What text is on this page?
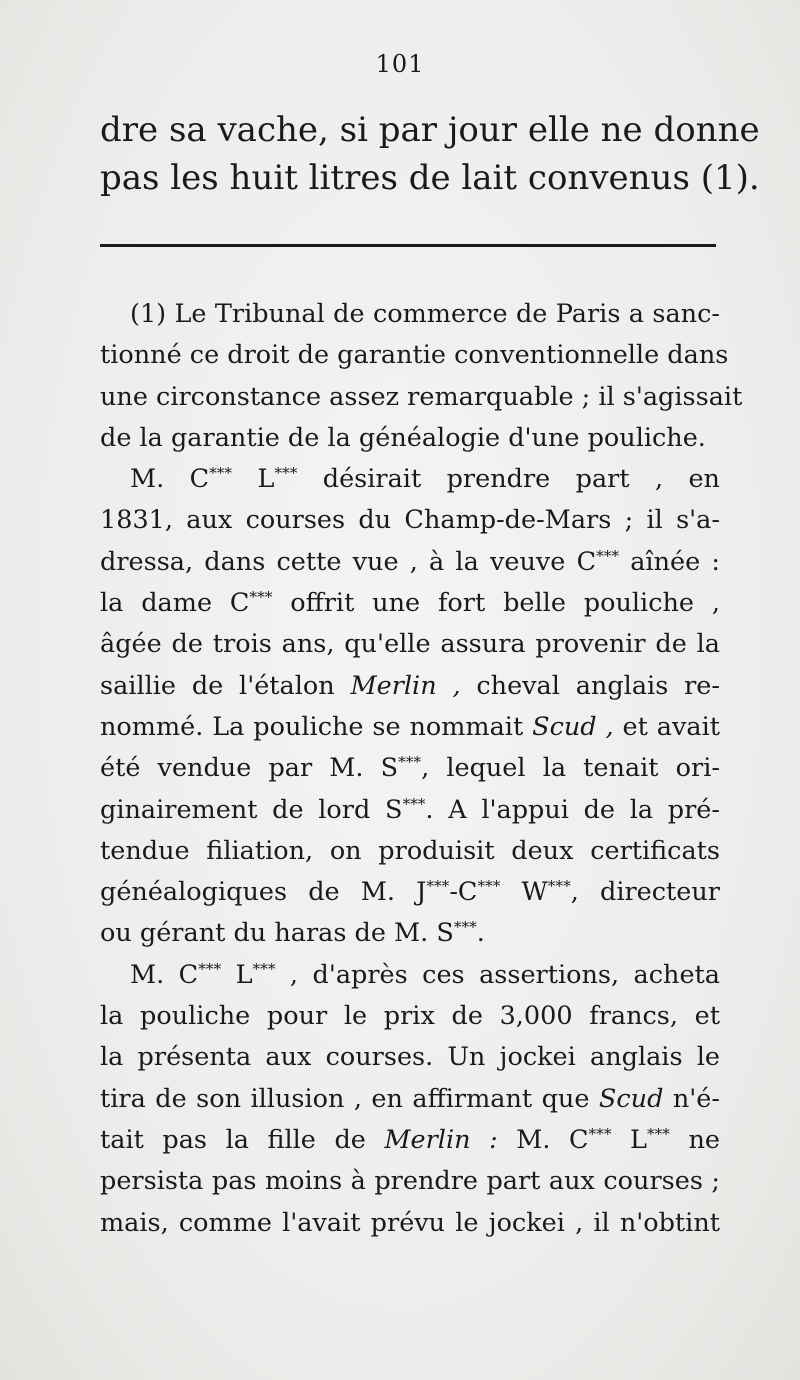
101
dre sa vache, si par jour elle ne donne
pas les huit litres de lait convenus (1).
(1) Le Tribunal de commerce de Paris a sanc-
tionné ce droit de garantie conventionnelle dans
une circonstance assez remarquable ; il s'agissait
de la garantie de la généalogie d'une pouliche.
M. C*** L*** désirait prendre part , en
1831, aux courses du Champ-de-Mars ; il s'a-
dressa, dans cette vue , à la veuve C*** aînée :
la dame C*** offrit une fort belle pouliche ,
âgée de trois ans, qu'elle assura provenir de la
saillie de l'étalon Merlin , cheval anglais re-
nommé. La pouliche se nommait Scud , et avait
été vendue par M. S***, lequel la tenait ori-
ginairement de lord S***. A l'appui de la pré-
tendue filiation, on produisit deux certificats
généalogiques de M. J***-C*** W***, directeur
ou gérant du haras de M. S***.
M. C*** L*** , d'après ces assertions, acheta
la pouliche pour le prix de 3,000 francs, et
la présenta aux courses. Un jockei anglais le
tira de son illusion , en affirmant que Scud n'é-
tait pas la fille de Merlin : M. C*** L*** ne
persista pas moins à prendre part aux courses ;
mais, comme l'avait prévu le jockei , il n'obtint
